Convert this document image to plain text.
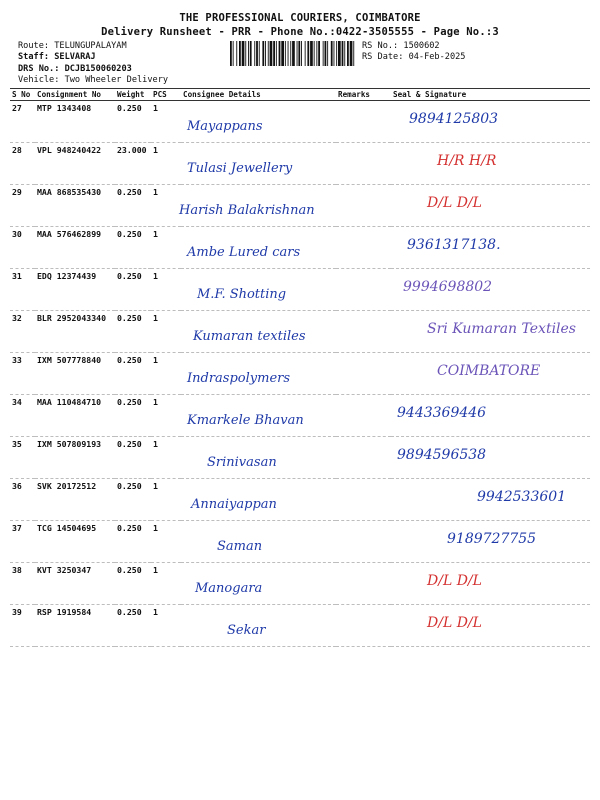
THE PROFESSIONAL COURIERS, COIMBATORE
Delivery Runsheet - PRR - Phone No.:0422-3505555 - Page No.:3
Route: TELUNGUPALAYAM
Staff: SELVARAJ
DRS No.: DCJB150060203
Vehicle: Two Wheeler Delivery
RS No.: 1500602
RS Date: 04-Feb-2025
S No	Consignment No	Weight	PCS	Consignee Details	Remarks	Seal & Signature
27	MTP 1343408	0.250	1	Mayappans		9894125803

28	VPL 948240422	23.000	1	Tulasi Jewellery		H/R H/R

29	MAA 868535430	0.250	1	Harish Balakrishnan		D/L D/L

30	MAA 576462899	0.250	1	Ambe Lured cars		9361317138.

31	EDQ 12374439	0.250	1	M.F. Shotting		9994698802

32	BLR 2952043340	0.250	1	Kumaran textiles		Sri Kumaran Textiles

33	IXM 507778840	0.250	1	Indraspolymers		COIMBATORE

34	MAA 110484710	0.250	1	Kmarkele Bhavan		9443369446

35	IXM 507809193	0.250	1	Srinivasan		9894596538

36	SVK 20172512	0.250	1	Annaiyappan		9942533601

37	TCG 14504695	0.250	1	Saman		9189727755

38	KVT 3250347	0.250	1	Manogara		D/L D/L

39	RSP 1919584	0.250	1	Sekar		D/L D/L
